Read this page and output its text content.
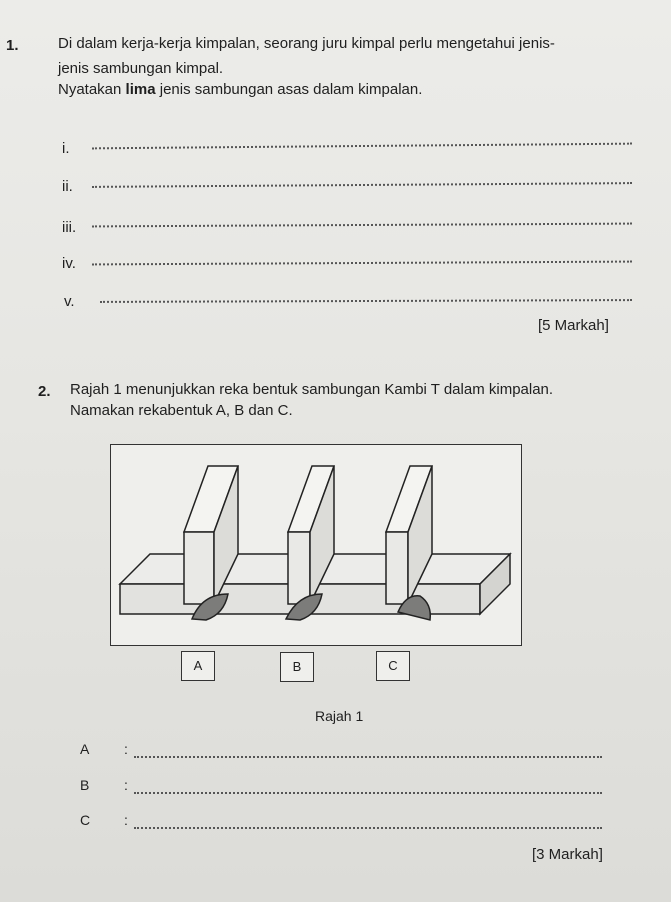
1.	Di dalam kerja-kerja kimpalan, seorang juru kimpal perlu mengetahui jenis-
jenis sambungan kimpal.
Nyatakan lima jenis sambungan asas dalam kimpalan.
i.
ii.
iii.
iv.
v.
[5 Markah]
2. Rajah 1 menunjukkan reka bentuk sambungan Kambi T dalam kimpalan.
Namakan rekabentuk A, B dan C.
A	B	C
Rajah 1
A :
B :
C :
[3 Markah]
